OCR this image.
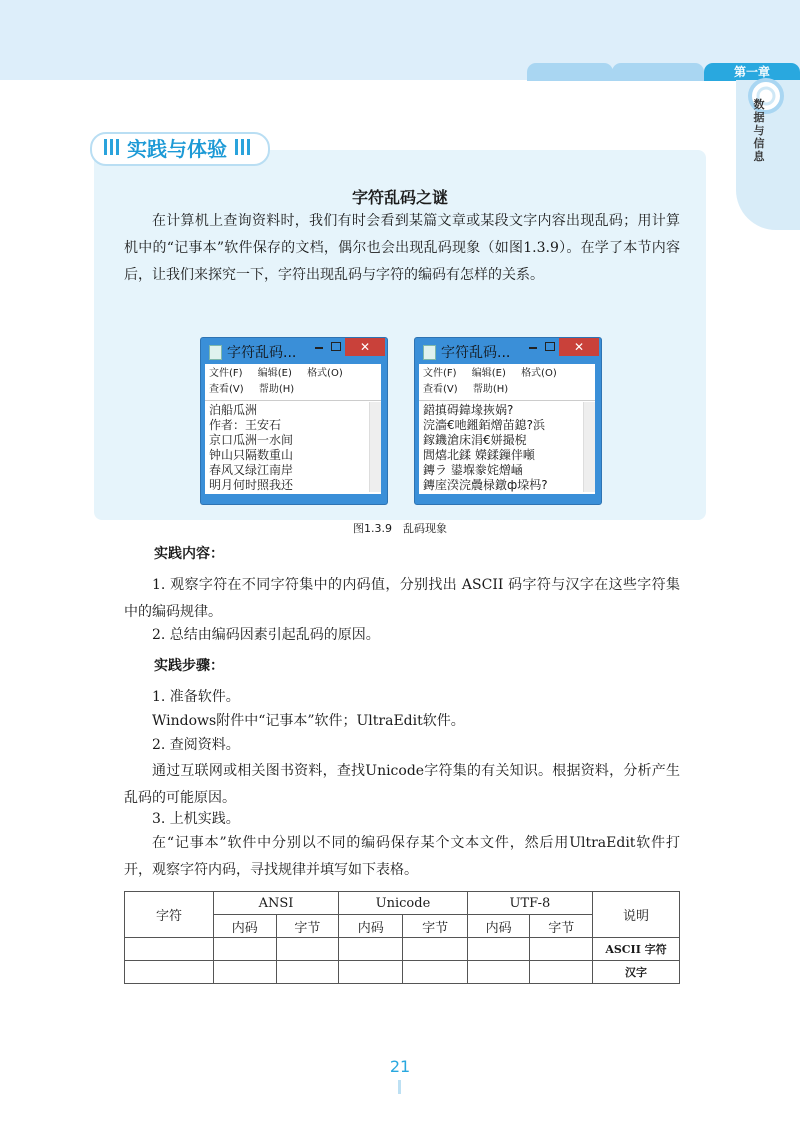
第一章
数据与信息
实践与体验
字符乱码之谜
在计算机上查询资料时，我们有时会看到某篇文章或某段文字内容出现乱码；用计算机中的“记事本”软件保存的文档，偶尔也会出现乱码现象（如图1.3.9）。在学了本节内容后，让我们来探究一下，字符出现乱码与字符的编码有怎样的关系。
字符乱码...	✕
文件(F) 编辑(E) 格式(O)
查看(V) 帮助(H)
泊船瓜洲
作者：王安石
京口瓜洲一水间
钟山只隔数重山
春风又绿江南岸
明月何时照我还
字符乱码...	✕
文件(F) 编辑(E) 格式(O)
查看(V) 帮助(H)
鍣搷碍鍏堟拻娲?
浣濇€吔鎺銆熷苖鎴?浜
鎵鐖滄床涓€姘撮棿
閭熺北鍒 嬫鍒鏁伴噸
鏄ラ 鍙堢豢姹熷崡
鏄庢湀浣曟椂鐓ф垜杩?
图1.3.9　乱码现象
实践内容：
1. 观察字符在不同字符集中的内码值，分别找出 ASCII 码字符与汉字在这些字符集中的编码规律。
2. 总结由编码因素引起乱码的原因。
实践步骤：
1. 准备软件。
Windows附件中“记事本”软件；UltraEdit软件。
2. 查阅资料。
通过互联网或相关图书资料，查找Unicode字符集的有关知识。根据资料，分析产生乱码的可能原因。
3. 上机实践。
在“记事本”软件中分别以不同的编码保存某个文本文件，然后用UltraEdit软件打开，观察字符内码，寻找规律并填写如下表格。
字符	ANSI		Unicode		UTF-8		说明
	内码	字节	内码	字节	内码	字节	
							ASCII 字符
							汉字
21
